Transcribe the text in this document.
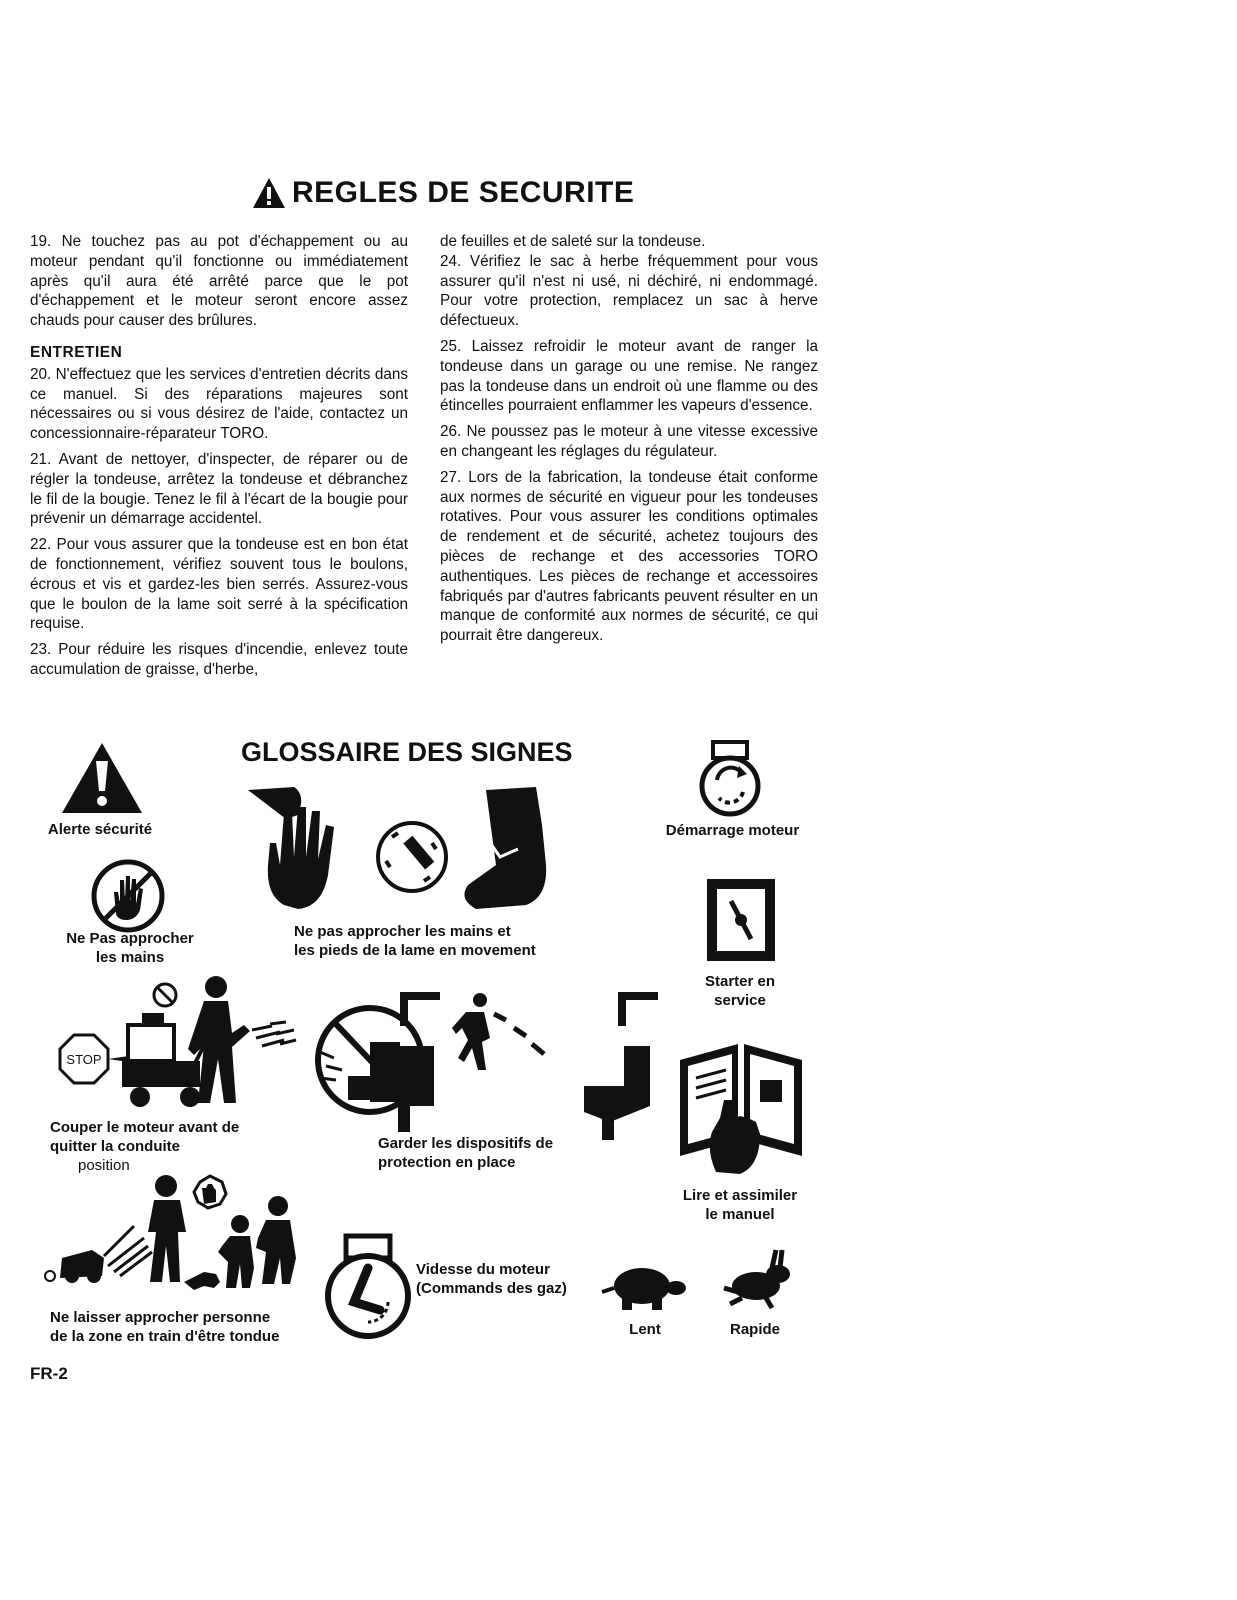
REGLES DE SECURITE

19. Ne touchez pas au pot d'échappement ou au moteur pendant qu'il fonctionne ou immédiatement après qu'il aura été arrêté parce que le pot d'échappement et le moteur seront encore assez chauds pour causer des brûlures.

ENTRETIEN

20. N'effectuez que les services d'entretien décrits dans ce manuel. Si des réparations majeures sont nécessaires ou si vous désirez de l'aide, contactez un concessionnaire-réparateur TORO.

21. Avant de nettoyer, d'inspecter, de réparer ou de régler la tondeuse, arrêtez la tondeuse et débranchez le fil de la bougie. Tenez le fil à l'écart de la bougie pour prévenir un démarrage accidentel.

22. Pour vous assurer que la tondeuse est en bon état de fonctionnement, vérifiez souvent tous le boulons, écrous et vis et gardez-les bien serrés. Assurez-vous que le boulon de la lame soit serré à la spécification requise.

23. Pour réduire les risques d'incendie, enlevez toute accumulation de graisse, d'herbe,

de feuilles et de saleté sur la tondeuse.

24. Vérifiez le sac à herbe fréquemment pour vous assurer qu'il n'est ni usé, ni déchiré, ni endommagé. Pour votre protection, remplacez un sac à herve défectueux.

25. Laissez refroidir le moteur avant de ranger la tondeuse dans un garage ou une remise. Ne rangez pas la tondeuse dans un endroit où une flamme ou des étincelles pourraient enflammer les vapeurs d'essence.

26. Ne poussez pas le moteur à une vitesse excessive en changeant les réglages du régulateur.

27. Lors de la fabrication, la tondeuse était conforme aux normes de sécurité en vigueur pour les tondeuses rotatives. Pour vous assurer les conditions optimales de rendement et de sécurité, achetez toujours des pièces de rechange et des accessories TORO authentiques. Les pièces de rechange et accessoires fabriqués par d'autres fabricants peuvent résulter en un manque de conformité aux normes de sécurité, ce qui pourrait être dangereux.

GLOSSAIRE DES SIGNES
Alerte sécurité
Ne Pas approcher
les mains
Ne pas approcher les mains et
les pieds de la lame en movement
Démarrage moteur
Starter en
service
STOP
Couper le moteur avant de
quitter la conduite
position
Garder les dispositifs de
protection en place
Lire et assimiler
le manuel
Ne laisser approcher personne
de la zone en train d'être tondue
Videsse du moteur
(Commands des gaz)
Lent	Rapide
FR-2
